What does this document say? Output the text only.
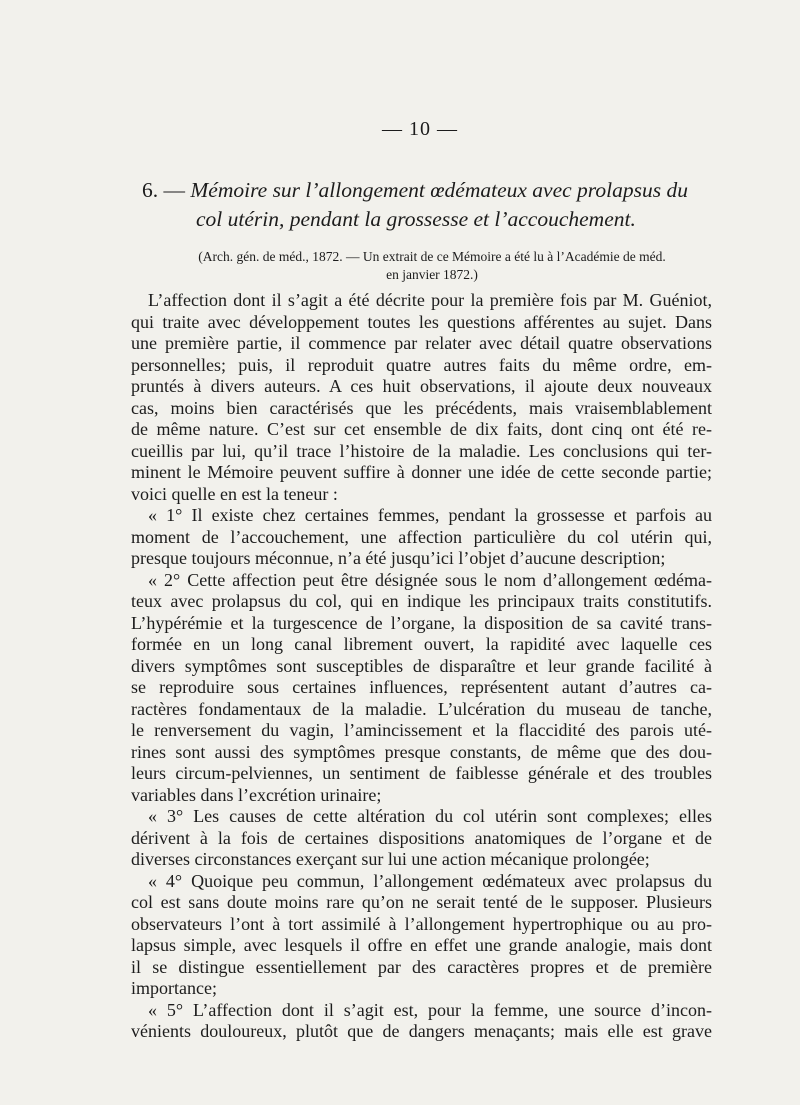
— 10 —
6. — Mémoire sur l’allongement œdémateux avec prolapsus du
col utérin, pendant la grossesse et l’accouchement.
(Arch. gén. de méd., 1872. — Un extrait de ce Mémoire a été lu à l’Académie de méd.
en janvier 1872.)
L’affection dont il s’agit a été décrite pour la première fois par M. Guéniot,
qui traite avec développement toutes les questions afférentes au sujet. Dans
une première partie, il commence par relater avec détail quatre observations
personnelles; puis, il reproduit quatre autres faits du même ordre, em-
pruntés à divers auteurs. A ces huit observations, il ajoute deux nouveaux
cas, moins bien caractérisés que les précédents, mais vraisemblablement
de même nature. C’est sur cet ensemble de dix faits, dont cinq ont été re-
cueillis par lui, qu’il trace l’histoire de la maladie. Les conclusions qui ter-
minent le Mémoire peuvent suffire à donner une idée de cette seconde partie;
voici quelle en est la teneur :
« 1° Il existe chez certaines femmes, pendant la grossesse et parfois au
moment de l’accouchement, une affection particulière du col utérin qui,
presque toujours méconnue, n’a été jusqu’ici l’objet d’aucune description;
« 2° Cette affection peut être désignée sous le nom d’allongement œdéma-
teux avec prolapsus du col, qui en indique les principaux traits constitutifs.
L’hypérémie et la turgescence de l’organe, la disposition de sa cavité trans-
formée en un long canal librement ouvert, la rapidité avec laquelle ces
divers symptômes sont susceptibles de disparaître et leur grande facilité à
se reproduire sous certaines influences, représentent autant d’autres ca-
ractères fondamentaux de la maladie. L’ulcération du museau de tanche,
le renversement du vagin, l’amincissement et la flaccidité des parois uté-
rines sont aussi des symptômes presque constants, de même que des dou-
leurs circum-pelviennes, un sentiment de faiblesse générale et des troubles
variables dans l’excrétion urinaire;
« 3° Les causes de cette altération du col utérin sont complexes; elles
dérivent à la fois de certaines dispositions anatomiques de l’organe et de
diverses circonstances exerçant sur lui une action mécanique prolongée;
« 4° Quoique peu commun, l’allongement œdémateux avec prolapsus du
col est sans doute moins rare qu’on ne serait tenté de le supposer. Plusieurs
observateurs l’ont à tort assimilé à l’allongement hypertrophique ou au pro-
lapsus simple, avec lesquels il offre en effet une grande analogie, mais dont
il se distingue essentiellement par des caractères propres et de première
importance;
« 5° L’affection dont il s’agit est, pour la femme, une source d’incon-
vénients douloureux, plutôt que de dangers menaçants; mais elle est grave
